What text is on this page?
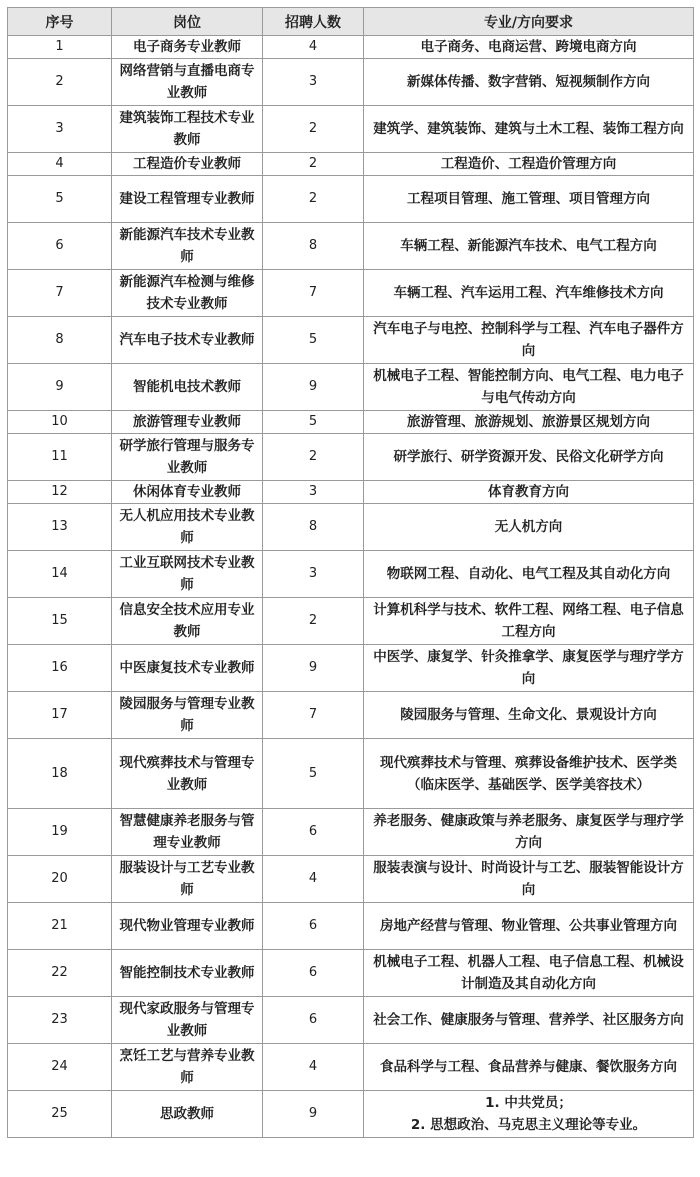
序号	岗位	招聘人数	专业/方向要求
1	电子商务专业教师	4	电子商务、电商运营、跨境电商方向

2	网络营销与直播电商专业教师	3	新媒体传播、数字营销、短视频制作方向

3	建筑装饰工程技术专业教师	2	建筑学、建筑装饰、建筑与土木工程、装饰工程方向

4	工程造价专业教师	2	工程造价、工程造价管理方向

5	建设工程管理专业教师	2	工程项目管理、施工管理、项目管理方向

6	新能源汽车技术专业教师	8	车辆工程、新能源汽车技术、电气工程方向

7	新能源汽车检测与维修技术专业教师	7	车辆工程、汽车运用工程、汽车维修技术方向

8	汽车电子技术专业教师	5	汽车电子与电控、控制科学与工程、汽车电子器件方向

9	智能机电技术教师	9	机械电子工程、智能控制方向、电气工程、电力电子与电气传动方向

10	旅游管理专业教师	5	旅游管理、旅游规划、旅游景区规划方向

11	研学旅行管理与服务专业教师	2	研学旅行、研学资源开发、民俗文化研学方向

12	休闲体育专业教师	3	体育教育方向

13	无人机应用技术专业教师	8	无人机方向

14	工业互联网技术专业教师	3	物联网工程、自动化、电气工程及其自动化方向

15	信息安全技术应用专业教师	2	计算机科学与技术、软件工程、网络工程、电子信息工程方向

16	中医康复技术专业教师	9	中医学、康复学、针灸推拿学、康复医学与理疗学方向

17	陵园服务与管理专业教师	7	陵园服务与管理、生命文化、景观设计方向

18	现代殡葬技术与管理专业教师	5	现代殡葬技术与管理、殡葬设备维护技术、医学类（临床医学、基础医学、医学美容技术）

19	智慧健康养老服务与管理专业教师	6	养老服务、健康政策与养老服务、康复医学与理疗学方向

20	服装设计与工艺专业教师	4	服装表演与设计、时尚设计与工艺、服装智能设计方向

21	现代物业管理专业教师	6	房地产经营与管理、物业管理、公共事业管理方向

22	智能控制技术专业教师	6	机械电子工程、机器人工程、电子信息工程、机械设计制造及其自动化方向

23	现代家政服务与管理专业教师	6	社会工作、健康服务与管理、营养学、社区服务方向

24	烹饪工艺与营养专业教师	4	食品科学与工程、食品营养与健康、餐饮服务方向

25	思政教师	9	1. 中共党员；
2. 思想政治、马克思主义理论等专业。
